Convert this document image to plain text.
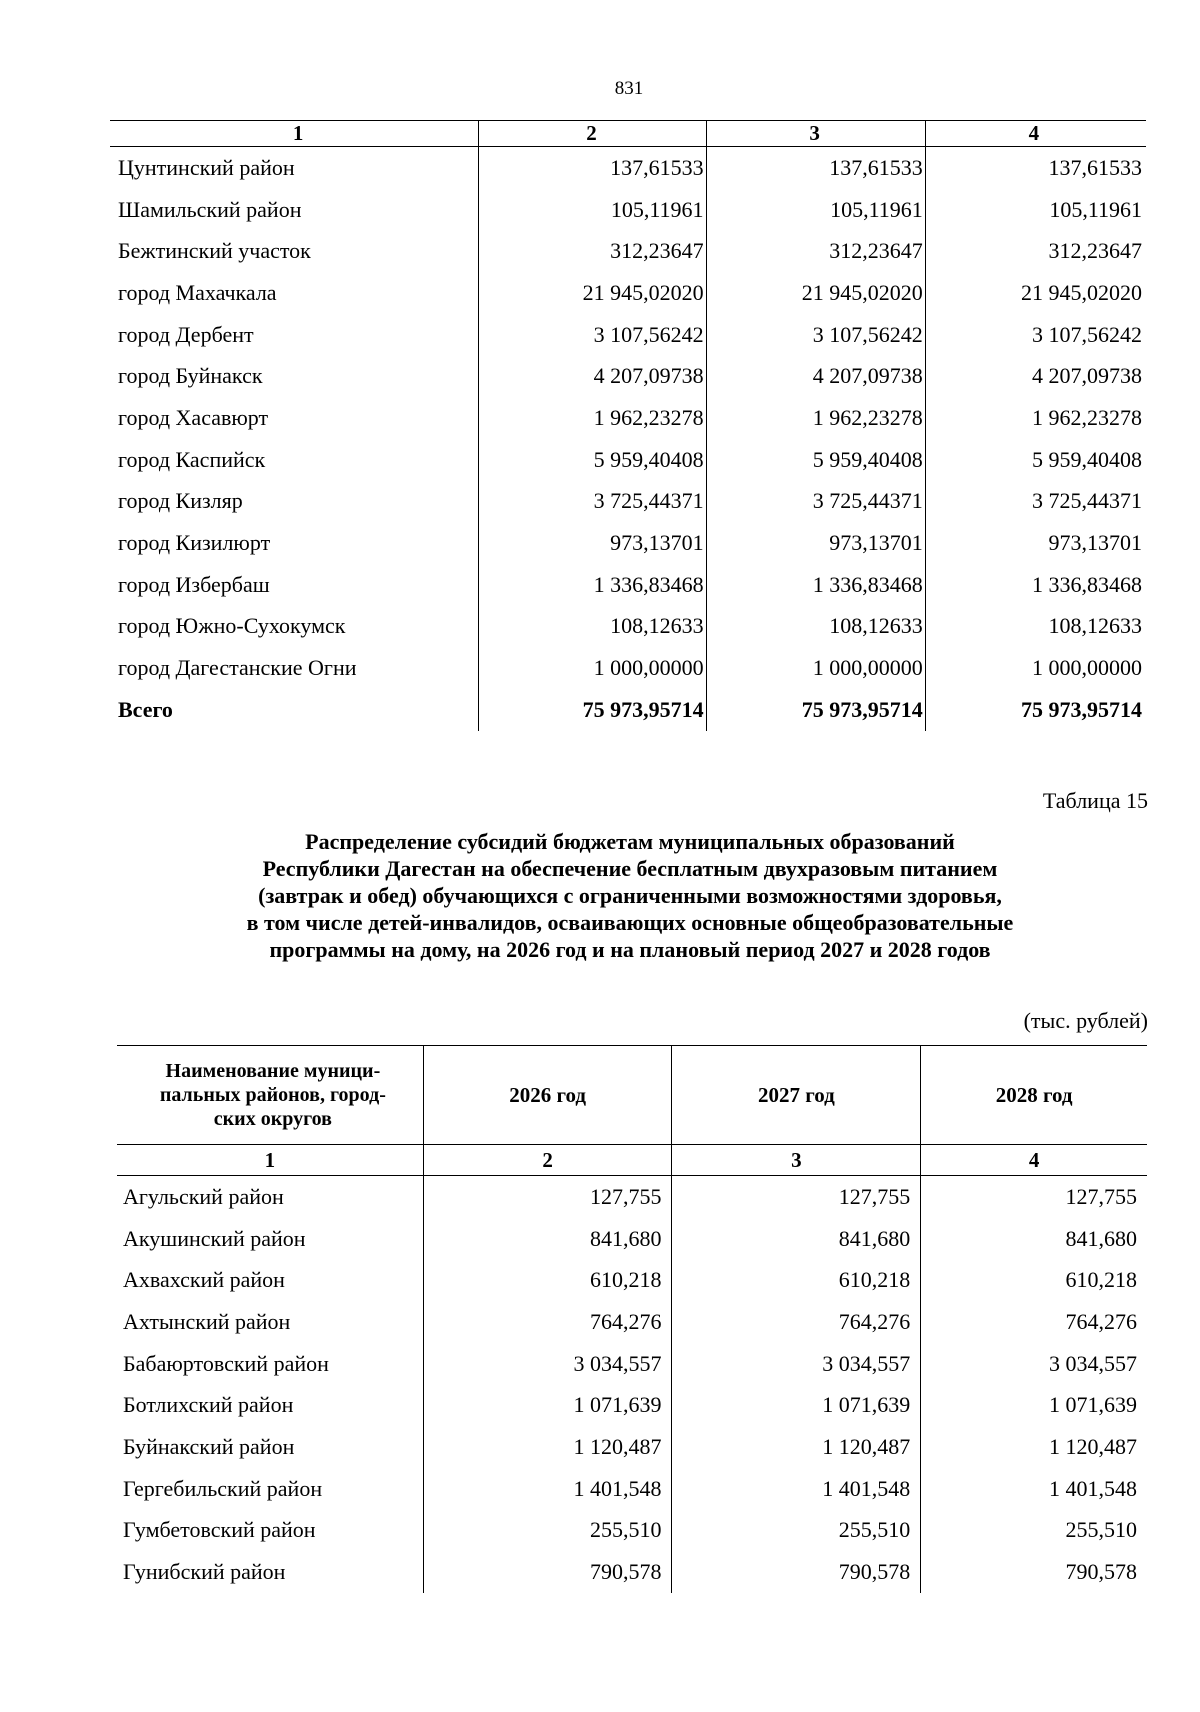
831
1	2	3	4
Цунтинский район	137,61533	137,61533	137,61533
Шамильский район	105,11961	105,11961	105,11961
Бежтинский участок	312,23647	312,23647	312,23647
город Махачкала	21 945,02020	21 945,02020	21 945,02020
город Дербент	3 107,56242	3 107,56242	3 107,56242
город Буйнакск	4 207,09738	4 207,09738	4 207,09738
город Хасавюрт	1 962,23278	1 962,23278	1 962,23278
город Каспийск	5 959,40408	5 959,40408	5 959,40408
город Кизляр	3 725,44371	3 725,44371	3 725,44371
город Кизилюрт	973,13701	973,13701	973,13701
город Избербаш	1 336,83468	1 336,83468	1 336,83468
город Южно-Сухокумск	108,12633	108,12633	108,12633
город Дагестанские Огни	1 000,00000	1 000,00000	1 000,00000
Всего	75 973,95714	75 973,95714	75 973,95714
Таблица 15
Распределение субсидий бюджетам муниципальных образований
Республики Дагестан на обеспечение бесплатным двухразовым питанием
(завтрак и обед) обучающихся с ограниченными возможностями здоровья,
в том числе детей-инвалидов, осваивающих основные общеобразовательные
программы на дому, на 2026 год и на плановый период 2027 и 2028 годов
(тыс. рублей)
Наименование муници-
пальных районов, город-
ских округов	2026 год	2027 год	2028 год
1	2	3	4
Агульский район	127,755	127,755	127,755
Акушинский район	841,680	841,680	841,680
Ахвахский район	610,218	610,218	610,218
Ахтынский район	764,276	764,276	764,276
Бабаюртовский район	3 034,557	3 034,557	3 034,557
Ботлихский район	1 071,639	1 071,639	1 071,639
Буйнакский район	1 120,487	1 120,487	1 120,487
Гергебильский район	1 401,548	1 401,548	1 401,548
Гумбетовский район	255,510	255,510	255,510
Гунибский район	790,578	790,578	790,578
